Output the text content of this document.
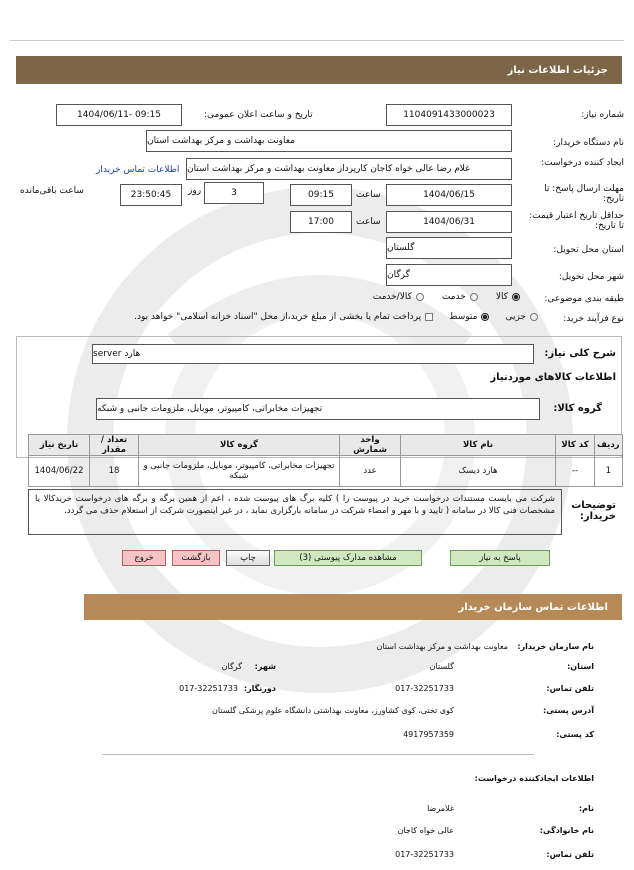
جزئیات اطلاعات نیاز
شماره نیاز:
1104091433000023
تاریخ و ساعت اعلان عمومی:
1404/06/11- 09:15
نام دستگاه خریدار:
معاونت بهداشت و مرکز بهداشت استان
ایجاد کننده درخواست:
غلام رضا عالی خواه کاجان کارپرداز معاونت بهداشت و مرکز بهداشت استان
اطلاعات تماس خریدار
مهلت ارسال پاسخ: تا تاریخ:
1404/06/15
ساعت
09:15
3
روز
23:50:45
ساعت باقی‌مانده
حداقل تاریخ اعتبار قیمت: تا تاریخ:
1404/06/31
ساعت
17:00
استان محل تحویل:
گلستان
شهر محل تحویل:
گرگان
طبقه بندی موضوعی:
کالا
خدمت
کالا/خدمت
نوع فرآیند خرید:
جزیی
متوسط
پرداخت تمام یا بخشی از مبلغ خرید،از محل "اسناد خزانه اسلامی" خواهد بود.
شرح کلی نیاز:
هارد server
اطلاعات کالاهای موردنیاز
گروه کالا:
تجهیزات مخابراتی، کامپیوتر، موبایل، ملزومات جانبی و شبکه
ردیف	کد کالا	نام کالا	واحد شمارش	گروه کالا	تعداد / مقدار	تاریخ نیاز
1	--	هارد دیسک	عدد	تجهیزات مخابراتی، کامپیوتر، موبایل، ملزومات جانبی و شبکه	18	1404/06/22
توضیحات خریدار:
شرکت می بایست مستندات درخواست خرید در پیوست را ) کلیه برگ های پیوست شده ، اعم از همین برگه و برگه های درخواست خریدکالا یا مشخصات فنی کالا در سامانه ( تایید و با مهر و امضاء شرکت در سامانه بارگزاری نماید ، در غیر اینصورت شرکت از استعلام حذف می گردد.
پاسخ به نیاز
مشاهده مدارک پیوستی (3)
چاپ
بازگشت
خروج
اطلاعات تماس سازمان خریدار
نام سازمان خریدار:
معاونت بهداشت و مرکز بهداشت استان
استان:
گلستان
شهر:
گرگان
تلفن تماس:
017-32251733
دورنگار:
017-32251733
آدرس پستی:
کوی تختی، کوی کشاورز، معاونت بهداشتی دانشگاه علوم پزشکی گلستان
کد پستی:
4917957359
اطلاعات ایجادکننده درخواست:
نام:
غلامرضا
نام خانوادگی:
عالی خواه کاجان
تلفن تماس:
017-32251733
